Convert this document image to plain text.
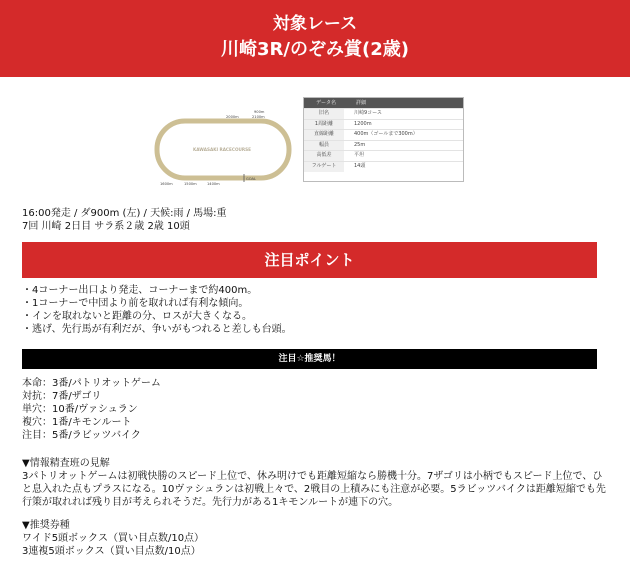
対象レース
川崎3R/のぞみ賞(2歳)
KAWASAKI RACECOURSE
900m
2000m	2100m
1600m	1500m	1400m
GOAL
データ名	詳細
旧名	川崎9コース
1周距離	1200m
直線距離	400m（ゴールまで300m）
幅員	25m
高低差	平坦
フルゲート	14頭
16:00発走 / ダ900m (左) / 天候:雨 / 馬場:重
7回 川崎 2日目 サラ系２歳 2歳 10頭
注目ポイント
・4コーナー出口より発走、コーナーまで約400m。
・1コーナーで中団より前を取れれば有利な傾向。
・インを取れないと距離の分、ロスが大きくなる。
・逃げ、先行馬が有利だが、争いがもつれると差しも台頭。
注目☆推奨馬！
本命：3番/パトリオットゲーム
対抗：7番/ザゴリ
単穴：10番/ヴァシュラン
複穴：1番/キモンルート
注目：5番/ラビッツバイク
▼情報精査班の見解
3パトリオットゲームは初戦快勝のスピード上位で、休み明けでも距離短縮なら勝機十分。7ザゴリは小柄でもスピード上位で、ひと息入れた点もプラスになる。10ヴァシュランは初戦上々で、2戦目の上積みにも注意が必要。5ラビッツバイクは距離短縮でも先行策が取れれば残り目が考えられそうだ。先行力がある1キモンルートが連下の穴。
▼推奨券種
ワイド5頭ボックス（買い目点数/10点）
3連複5頭ボックス（買い目点数/10点）
